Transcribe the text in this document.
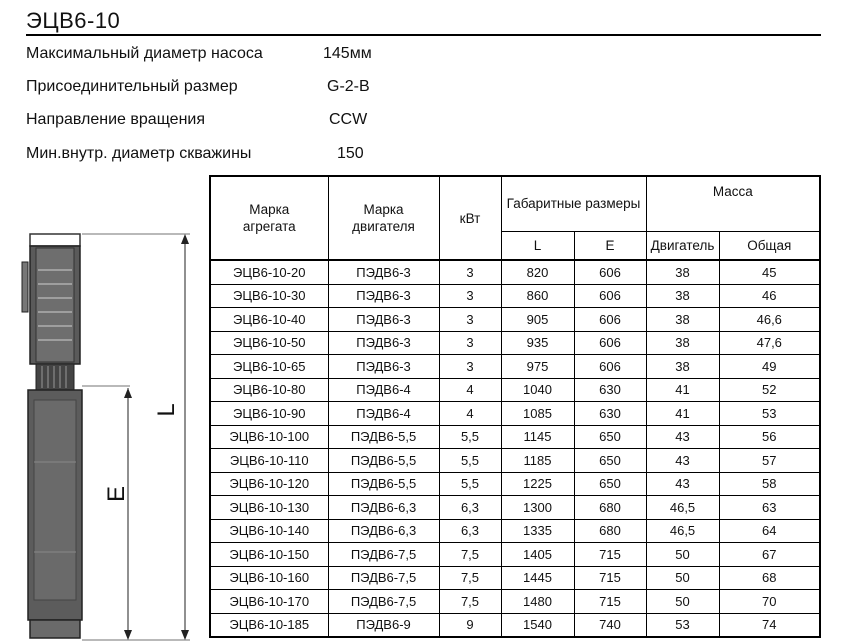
ЭЦВ6-10
Максимальный диаметр насоса	145мм
Присоединительный размер	G-2-B
Направление вращения	CCW
Мин.внутр. диаметр скважины	150
L
E
Марка агрегата	Марка двигателя	кВт	Габаритные размеры		Масса	

			L	E	Двигатель	Общая
ЭЦВ6-10-20	ПЭДВ6-3	3	820	606	38	45
ЭЦВ6-10-30	ПЭДВ6-3	3	860	606	38	46
ЭЦВ6-10-40	ПЭДВ6-3	3	905	606	38	46,6
ЭЦВ6-10-50	ПЭДВ6-3	3	935	606	38	47,6
ЭЦВ6-10-65	ПЭДВ6-3	3	975	606	38	49
ЭЦВ6-10-80	ПЭДВ6-4	4	1040	630	41	52
ЭЦВ6-10-90	ПЭДВ6-4	4	1085	630	41	53
ЭЦВ6-10-100	ПЭДВ6-5,5	5,5	1145	650	43	56
ЭЦВ6-10-110	ПЭДВ6-5,5	5,5	1185	650	43	57
ЭЦВ6-10-120	ПЭДВ6-5,5	5,5	1225	650	43	58
ЭЦВ6-10-130	ПЭДВ6-6,3	6,3	1300	680	46,5	63
ЭЦВ6-10-140	ПЭДВ6-6,3	6,3	1335	680	46,5	64
ЭЦВ6-10-150	ПЭДВ6-7,5	7,5	1405	715	50	67
ЭЦВ6-10-160	ПЭДВ6-7,5	7,5	1445	715	50	68
ЭЦВ6-10-170	ПЭДВ6-7,5	7,5	1480	715	50	70
ЭЦВ6-10-185	ПЭДВ6-9	9	1540	740	53	74
